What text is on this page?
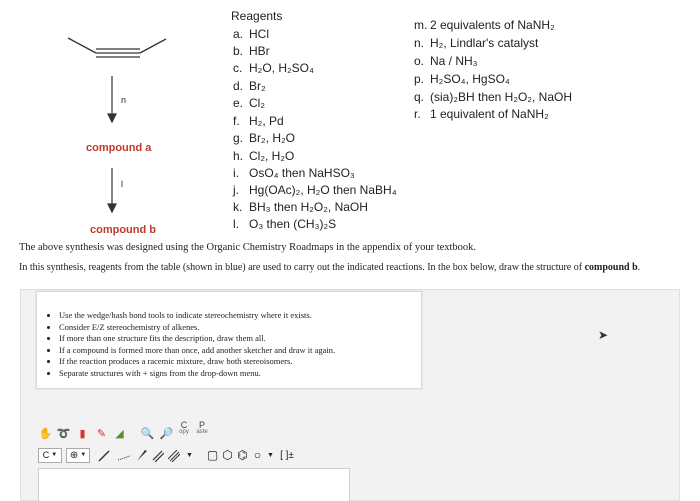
n
l
compound a
compound b
Reagents
a. HCl
b. HBr
c. H₂O, H₂SO₄
d. Br₂
e. Cl₂
f. H₂, Pd
g. Br₂, H₂O
h. Cl₂, H₂O
i. OsO₄ then NaHSO₃
j. Hg(OAc)₂, H₂O then NaBH₄
k. BH₃ then H₂O₂, NaOH
l. O₃ then (CH₃)₂S
m. 2 equivalents of NaNH₂
n. H₂, Lindlar's catalyst
o. Na / NH₃
p. H₂SO₄, HgSO₄
q. (sia)₂BH then H₂O₂, NaOH
r. 1 equivalent of NaNH₂
The above synthesis was designed using the Organic Chemistry Roadmaps in the appendix of your textbook.
In this synthesis, reagents from the table (shown in blue) are used to carry out the indicated reactions. In the box below, draw the structure of compound b.
• Use the wedge/hash bond tools to indicate stereochemistry where it exists.
• Consider E/Z stereochemistry of alkenes.
• If more than one structure fits the description, draw them all.
• If a compound is formed more than once, add another sketcher and draw it again.
• If the reaction produces a racemic mixture, draw both stereoisomers.
• Separate structures with + signs from the drop-down menu.
➤
✋ ➰ ▮	✎ ◢ 🔍 🔎
C
opy
P
aste
C ▼	⊕ ▼	▼	▢ ⬡ ⌬ ○ ▼ [ ]±
